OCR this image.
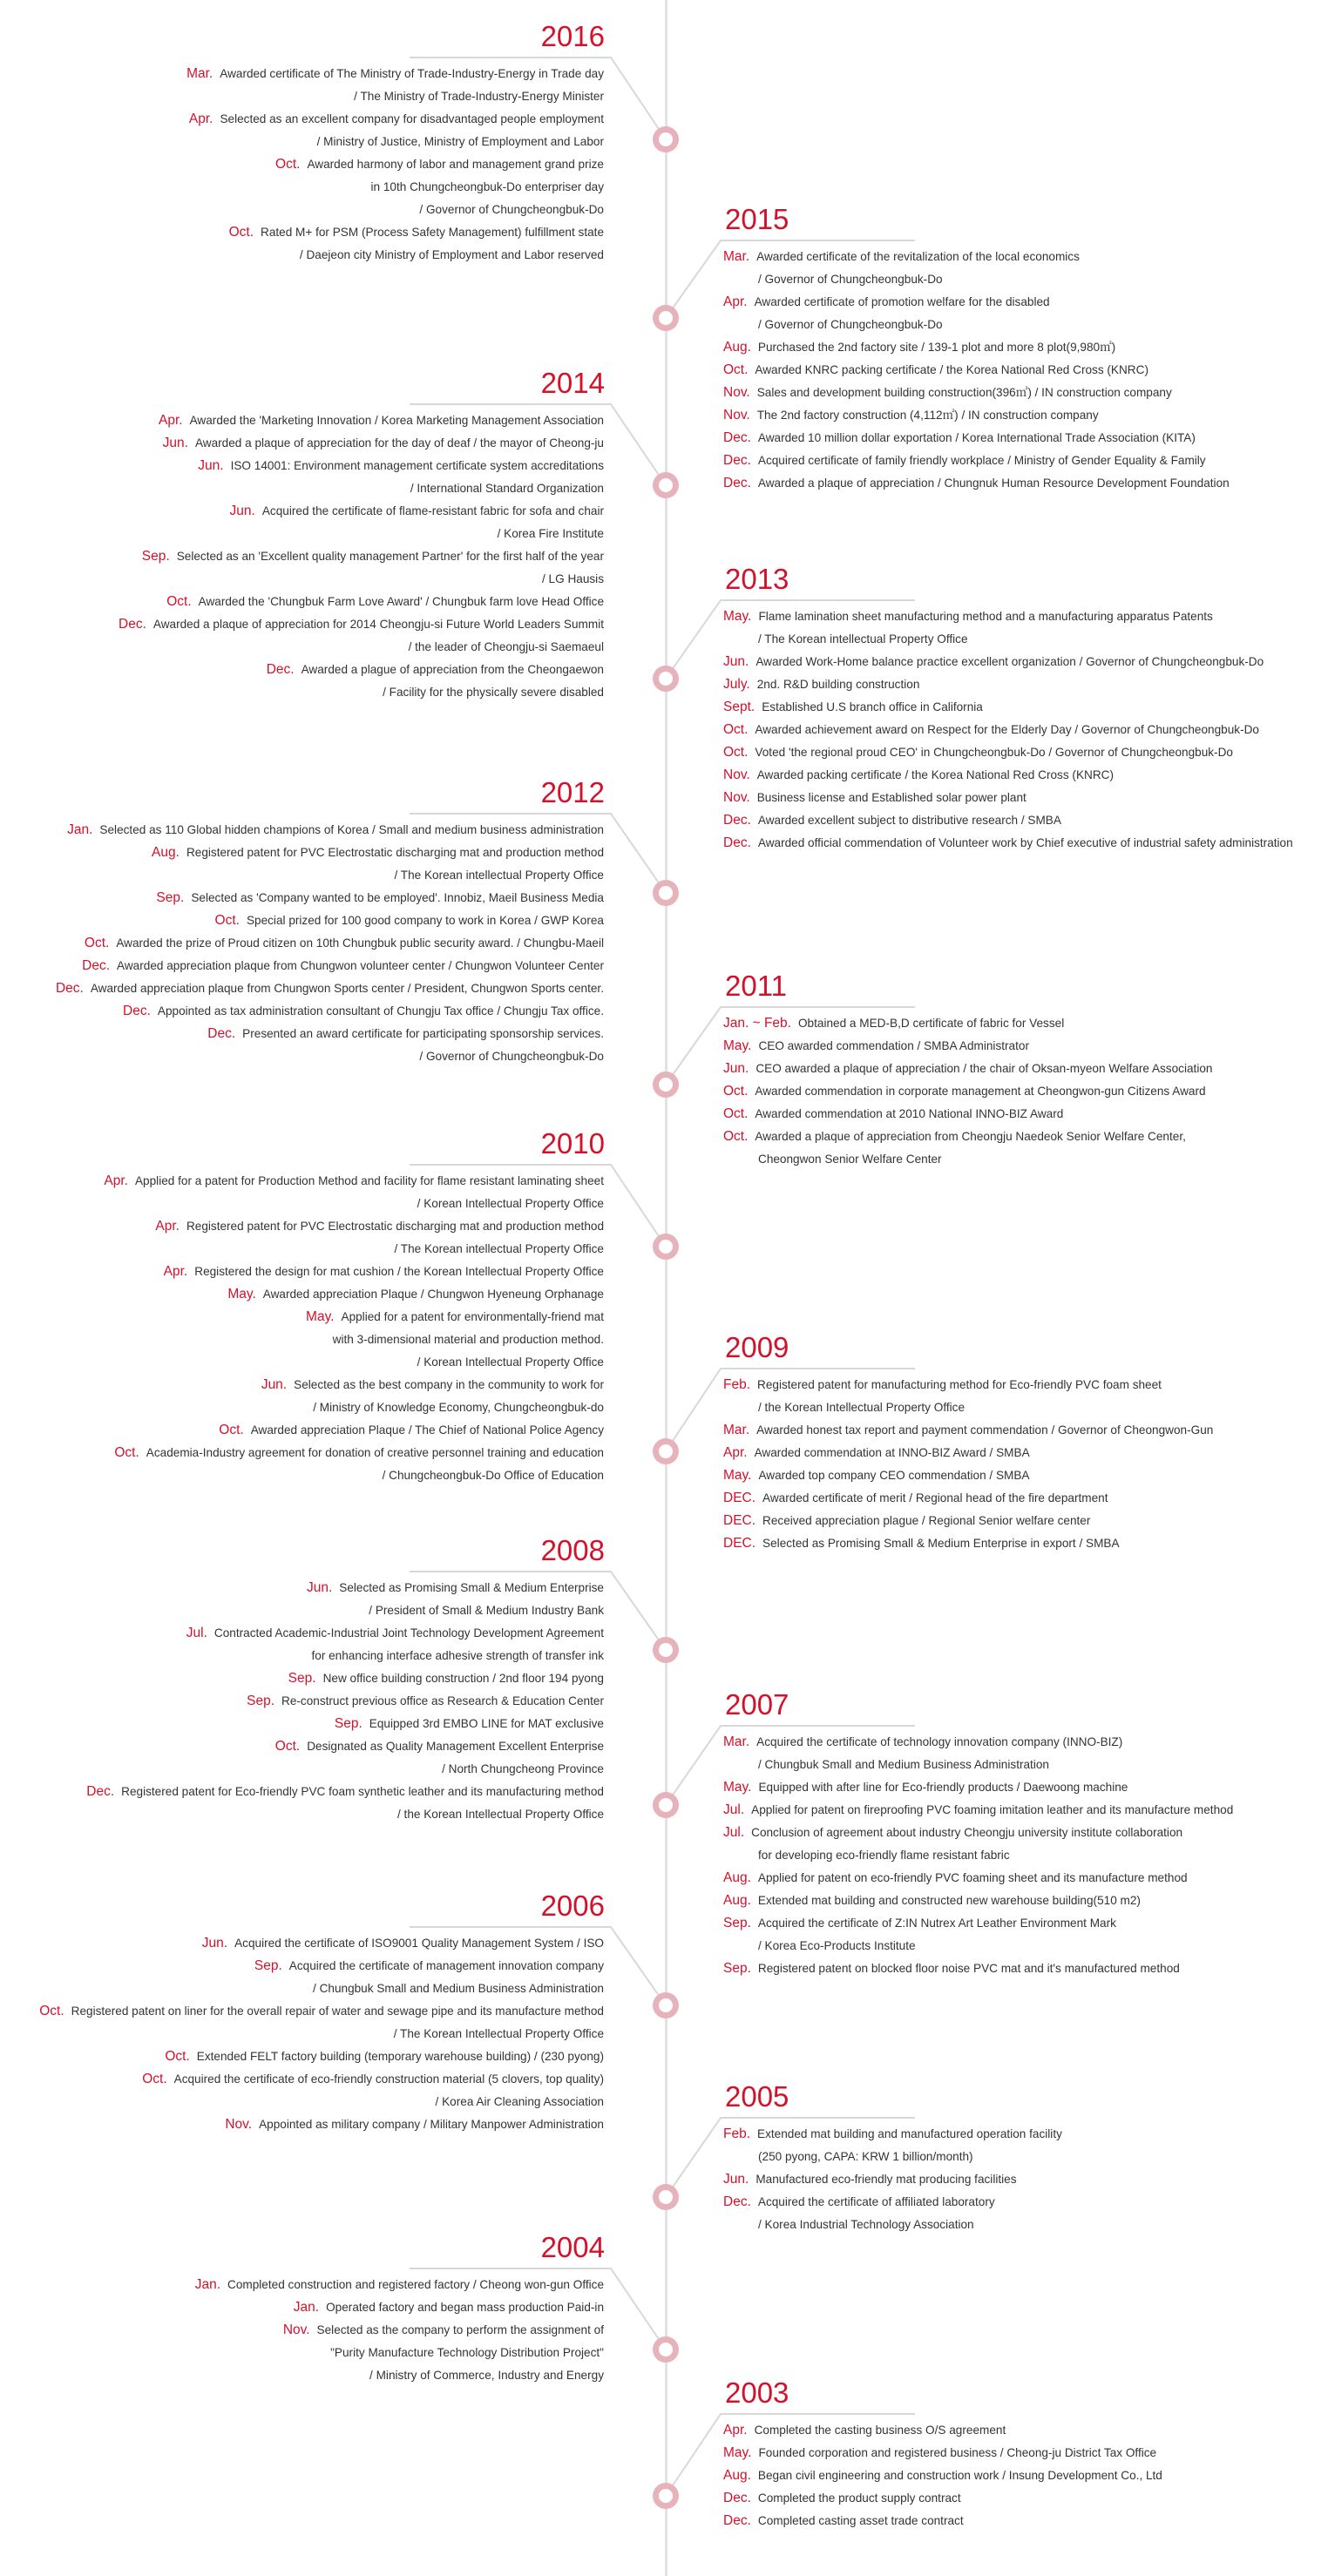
2016
Mar. Awarded certificate of The Ministry of Trade-Industry-Energy in Trade day
/ The Ministry of Trade-Industry-Energy Minister
Apr. Selected as an excellent company for disadvantaged people employment
/ Ministry of Justice, Ministry of Employment and Labor
Oct. Awarded harmony of labor and management grand prize
in 10th Chungcheongbuk-Do enterpriser day
/ Governor of Chungcheongbuk-Do
Oct. Rated M+ for PSM (Process Safety Management) fulfillment state
/ Daejeon city Ministry of Employment and Labor reserved
2015
Mar. Awarded certificate of the revitalization of the local economics
/ Governor of Chungcheongbuk-Do
Apr. Awarded certificate of promotion welfare for the disabled
/ Governor of Chungcheongbuk-Do
Aug. Purchased the 2nd factory site / 139-1 plot and more 8 plot(9,980㎡)
Oct. Awarded KNRC packing certificate / the Korea National Red Cross (KNRC)
Nov. Sales and development building construction(396㎡) / IN construction company
Nov. The 2nd factory construction (4,112㎡) / IN construction company
Dec. Awarded 10 million dollar exportation / Korea International Trade Association (KITA)
Dec. Acquired certificate of family friendly workplace / Ministry of Gender Equality & Family
Dec. Awarded a plaque of appreciation / Chungnuk Human Resource Development Foundation
2014
Apr. Awarded the 'Marketing Innovation / Korea Marketing Management Association
Jun. Awarded a plaque of appreciation for the day of deaf / the mayor of Cheong-ju
Jun. ISO 14001: Environment management certificate system accreditations
/ International Standard Organization
Jun. Acquired the certificate of flame-resistant fabric for sofa and chair
/ Korea Fire Institute
Sep. Selected as an 'Excellent quality management Partner' for the first half of the year
/ LG Hausis
Oct. Awarded the 'Chungbuk Farm Love Award' / Chungbuk farm love Head Office
Dec. Awarded a plaque of appreciation for 2014 Cheongju-si Future World Leaders Summit
/ the leader of Cheongju-si Saemaeul
Dec. Awarded a plague of appreciation from the Cheongaewon
/ Facility for the physically severe disabled
2013
May. Flame lamination sheet manufacturing method and a manufacturing apparatus Patents
/ The Korean intellectual Property Office
Jun. Awarded Work-Home balance practice excellent organization / Governor of Chungcheongbuk-Do
July. 2nd. R&D building construction
Sept. Established U.S branch office in California
Oct. Awarded achievement award on Respect for the Elderly Day / Governor of Chungcheongbuk-Do
Oct. Voted 'the regional proud CEO' in Chungcheongbuk-Do / Governor of Chungcheongbuk-Do
Nov. Awarded packing certificate / the Korea National Red Cross (KNRC)
Nov. Business license and Established solar power plant
Dec. Awarded excellent subject to distributive research / SMBA
Dec. Awarded official commendation of Volunteer work by Chief executive of industrial safety administration
2012
Jan. Selected as 110 Global hidden champions of Korea / Small and medium business administration
Aug. Registered patent for PVC Electrostatic discharging mat and production method
/ The Korean intellectual Property Office
Sep. Selected as 'Company wanted to be employed'. Innobiz, Maeil Business Media
Oct. Special prized for 100 good company to work in Korea / GWP Korea
Oct. Awarded the prize of Proud citizen on 10th Chungbuk public security award. / Chungbu-Maeil
Dec. Awarded appreciation plaque from Chungwon volunteer center / Chungwon Volunteer Center
Dec. Awarded appreciation plaque from Chungwon Sports center / President, Chungwon Sports center.
Dec. Appointed as tax administration consultant of Chungju Tax office / Chungju Tax office.
Dec. Presented an award certificate for participating sponsorship services.
/ Governor of Chungcheongbuk-Do
2011
Jan. ~ Feb. Obtained a MED-B,D certificate of fabric for Vessel
May. CEO awarded commendation / SMBA Administrator
Jun. CEO awarded a plaque of appreciation / the chair of Oksan-myeon Welfare Association
Oct. Awarded commendation in corporate management at Cheongwon-gun Citizens Award
Oct. Awarded commendation at 2010 National INNO-BIZ Award
Oct. Awarded a plaque of appreciation from Cheongju Naedeok Senior Welfare Center,
Cheongwon Senior Welfare Center
2010
Apr. Applied for a patent for Production Method and facility for flame resistant laminating sheet
/ Korean Intellectual Property Office
Apr. Registered patent for PVC Electrostatic discharging mat and production method
/ The Korean intellectual Property Office
Apr. Registered the design for mat cushion / the Korean Intellectual Property Office
May. Awarded appreciation Plaque / Chungwon Hyeneung Orphanage
May. Applied for a patent for environmentally-friend mat
with 3-dimensional material and production method.
/ Korean Intellectual Property Office
Jun. Selected as the best company in the community to work for
/ Ministry of Knowledge Economy, Chungcheongbuk-do
Oct. Awarded appreciation Plaque / The Chief of National Police Agency
Oct. Academia-Industry agreement for donation of creative personnel training and education
/ Chungcheongbuk-Do Office of Education
2009
Feb. Registered patent for manufacturing method for Eco-friendly PVC foam sheet
/ the Korean Intellectual Property Office
Mar. Awarded honest tax report and payment commendation / Governor of Cheongwon-Gun
Apr. Awarded commendation at INNO-BIZ Award / SMBA
May. Awarded top company CEO commendation / SMBA
DEC. Awarded certificate of merit / Regional head of the fire department
DEC. Received appreciation plague / Regional Senior welfare center
DEC. Selected as Promising Small & Medium Enterprise in export / SMBA
2008
Jun. Selected as Promising Small & Medium Enterprise
/ President of Small & Medium Industry Bank
Jul. Contracted Academic-Industrial Joint Technology Development Agreement
for enhancing interface adhesive strength of transfer ink
Sep. New office building construction / 2nd floor 194 pyong
Sep. Re-construct previous office as Research & Education Center
Sep. Equipped 3rd EMBO LINE for MAT exclusive
Oct. Designated as Quality Management Excellent Enterprise
/ North Chungcheong Province
Dec. Registered patent for Eco-friendly PVC foam synthetic leather and its manufacturing method
/ the Korean Intellectual Property Office
2007
Mar. Acquired the certificate of technology innovation company (INNO-BIZ)
/ Chungbuk Small and Medium Business Administration
May. Equipped with after line for Eco-friendly products / Daewoong machine
Jul. Applied for patent on fireproofing PVC foaming imitation leather and its manufacture method
Jul. Conclusion of agreement about industry Cheongju university institute collaboration
for developing eco-friendly flame resistant fabric
Aug. Applied for patent on eco-friendly PVC foaming sheet and its manufacture method
Aug. Extended mat building and constructed new warehouse building(510 m2)
Sep. Acquired the certificate of Z:IN Nutrex Art Leather Environment Mark
/ Korea Eco-Products Institute
Sep. Registered patent on blocked floor noise PVC mat and it's manufactured method
2006
Jun. Acquired the certificate of ISO9001 Quality Management System / ISO
Sep. Acquired the certificate of management innovation company
/ Chungbuk Small and Medium Business Administration
Oct. Registered patent on liner for the overall repair of water and sewage pipe and its manufacture method
/ The Korean Intellectual Property Office
Oct. Extended FELT factory building (temporary warehouse building) / (230 pyong)
Oct. Acquired the certificate of eco-friendly construction material (5 clovers, top quality)
/ Korea Air Cleaning Association
Nov. Appointed as military company / Military Manpower Administration
2005
Feb. Extended mat building and manufactured operation facility
(250 pyong, CAPA: KRW 1 billion/month)
Jun. Manufactured eco-friendly mat producing facilities
Dec. Acquired the certificate of affiliated laboratory
/ Korea Industrial Technology Association
2004
Jan. Completed construction and registered factory / Cheong won-gun Office
Jan. Operated factory and began mass production Paid-in
Nov. Selected as the company to perform the assignment of
"Purity Manufacture Technology Distribution Project"
/ Ministry of Commerce, Industry and Energy
2003
Apr. Completed the casting business O/S agreement
May. Founded corporation and registered business / Cheong-ju District Tax Office
Aug. Began civil engineering and construction work / Insung Development Co., Ltd
Dec. Completed the product supply contract
Dec. Completed casting asset trade contract
